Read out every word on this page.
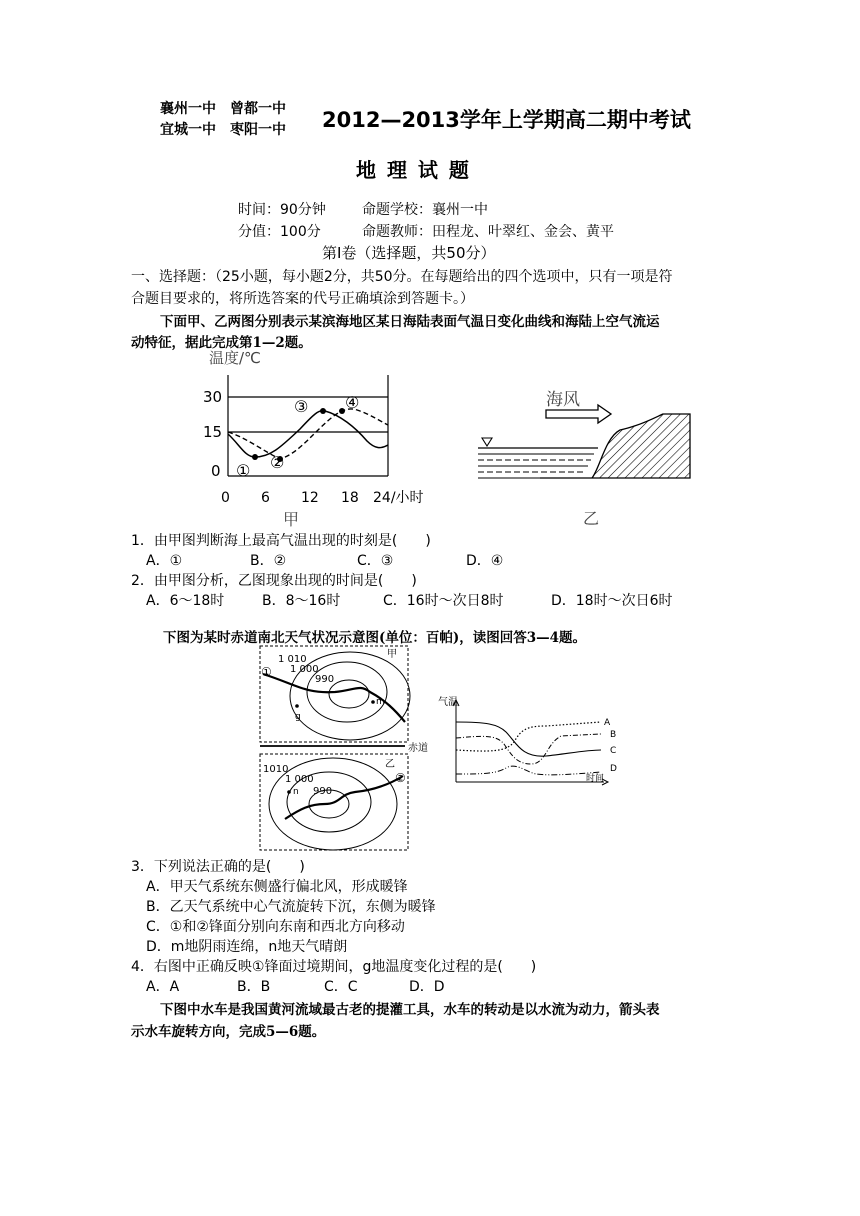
襄州一中　曾都一中
宜城一中　枣阳一中 2012—2013学年上学期高二期中考试
地 理 试 题
时间：90分钟	命题学校：襄州一中
分值：100分	命题教师：田程龙、叶翠红、金会、黄平
第Ⅰ卷（选择题，共50分）
一、选择题：（25小题，每小题2分，共50分。在每题给出的四个选项中，只有一项是符
合题目要求的，将所选答案的代号正确填涂到答题卡。）
下面甲、乙两图分别表示某滨海地区某日海陆表面气温日变化曲线和海陆上空气流运
动特征，据此完成第1—2题。
温度/℃
30
15
0 ① ②
③ ④
0 6 12 18 24/小时
甲
海风
乙
1．由甲图判断海上最高气温出现的时刻是(　　)
A．①	B．②	C．③	D．④
2．由甲图分析，乙图现象出现的时间是(　　)
A．6～18时	B．8～16时	C．16时～次日8时	D．18时～次日6时
下图为某时赤道南北天气状况示意图(单位：百帕)，读图回答3—4题。
甲
1 010
1 000
990
①
m
g
赤道
乙
1010
1 000
990
②
n
气温
时间
A
B
C
D
3．下列说法正确的是(　　)
A．甲天气系统东侧盛行偏北风，形成暖锋
B．乙天气系统中心气流旋转下沉，东侧为暖锋
C．①和②锋面分别向东南和西北方向移动
D．m地阴雨连绵，n地天气晴朗
4．右图中正确反映①锋面过境期间，g地温度变化过程的是(　　)
A．A	B．B	C．C	D．D
下图中水车是我国黄河流域最古老的提灌工具，水车的转动是以水流为动力，箭头表
示水车旋转方向，完成5—6题。
